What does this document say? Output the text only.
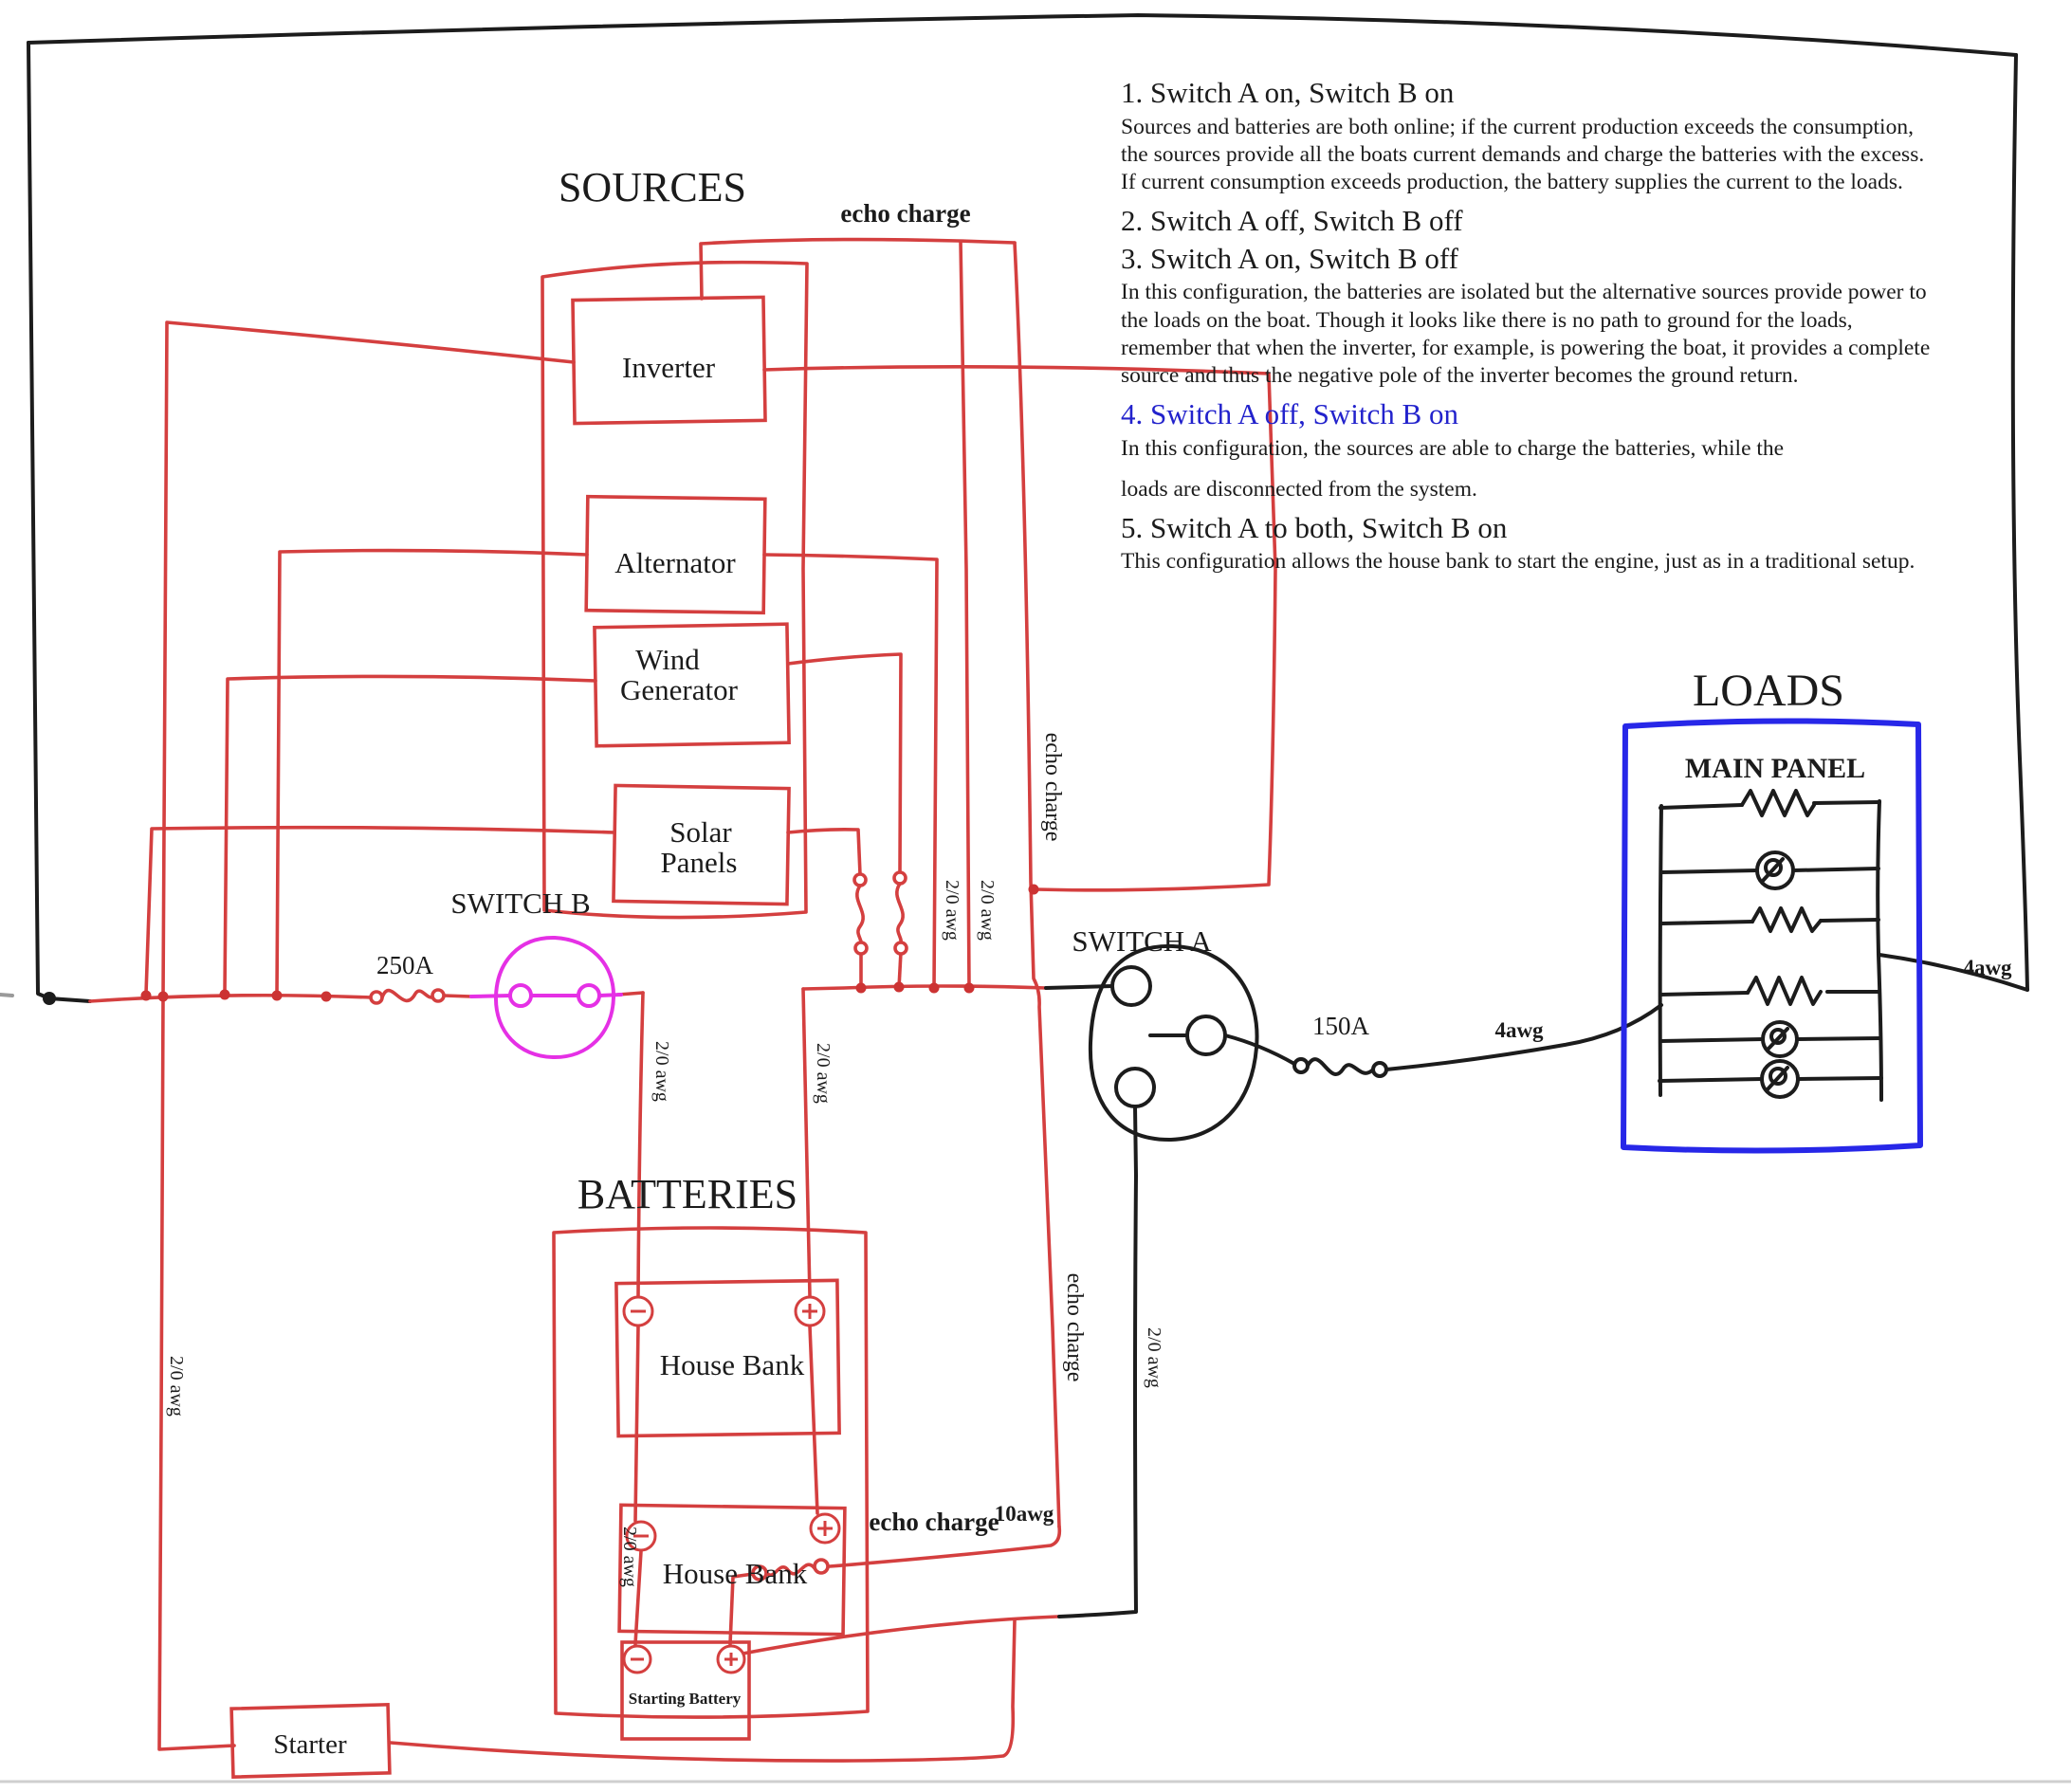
SOURCES
BATTERIES
LOADS
MAIN PANEL
Inverter
Alternator
Wind
Generator
Solar
Panels
House Bank
House Bank
Starting Battery
Starter
SWITCH B
SWITCH A
250A
150A
echo charge
echo charge
echo charge
echo charge
10awg
4awg
4awg
2/0 awg 2/0 awg
2/0 awg	2/0 awg
2/0 awg
2/0 awg
2/0 awg
1. Switch A on, Switch B on

Sources and batteries are both online; if the current production exceeds the consumption, the sources provide all the boats current demands and charge the batteries with the excess. If current consumption exceeds production, the battery supplies the current to the loads.

2. Switch A off, Switch B off
3. Switch A on, Switch B off

In this configuration, the batteries are isolated but the alternative sources provide power to the loads on the boat. Though it looks like there is no path to ground for the loads, remember that when the inverter, for example, is powering the boat, it provides a complete source and thus the negative pole of the inverter becomes the ground return.

4. Switch A off, Switch B on

In this configuration, the sources are able to charge the batteries, while the

loads are disconnected from the system.

5. Switch A to both, Switch B on

This configuration allows the house bank to start the engine, just as in a traditional setup.
